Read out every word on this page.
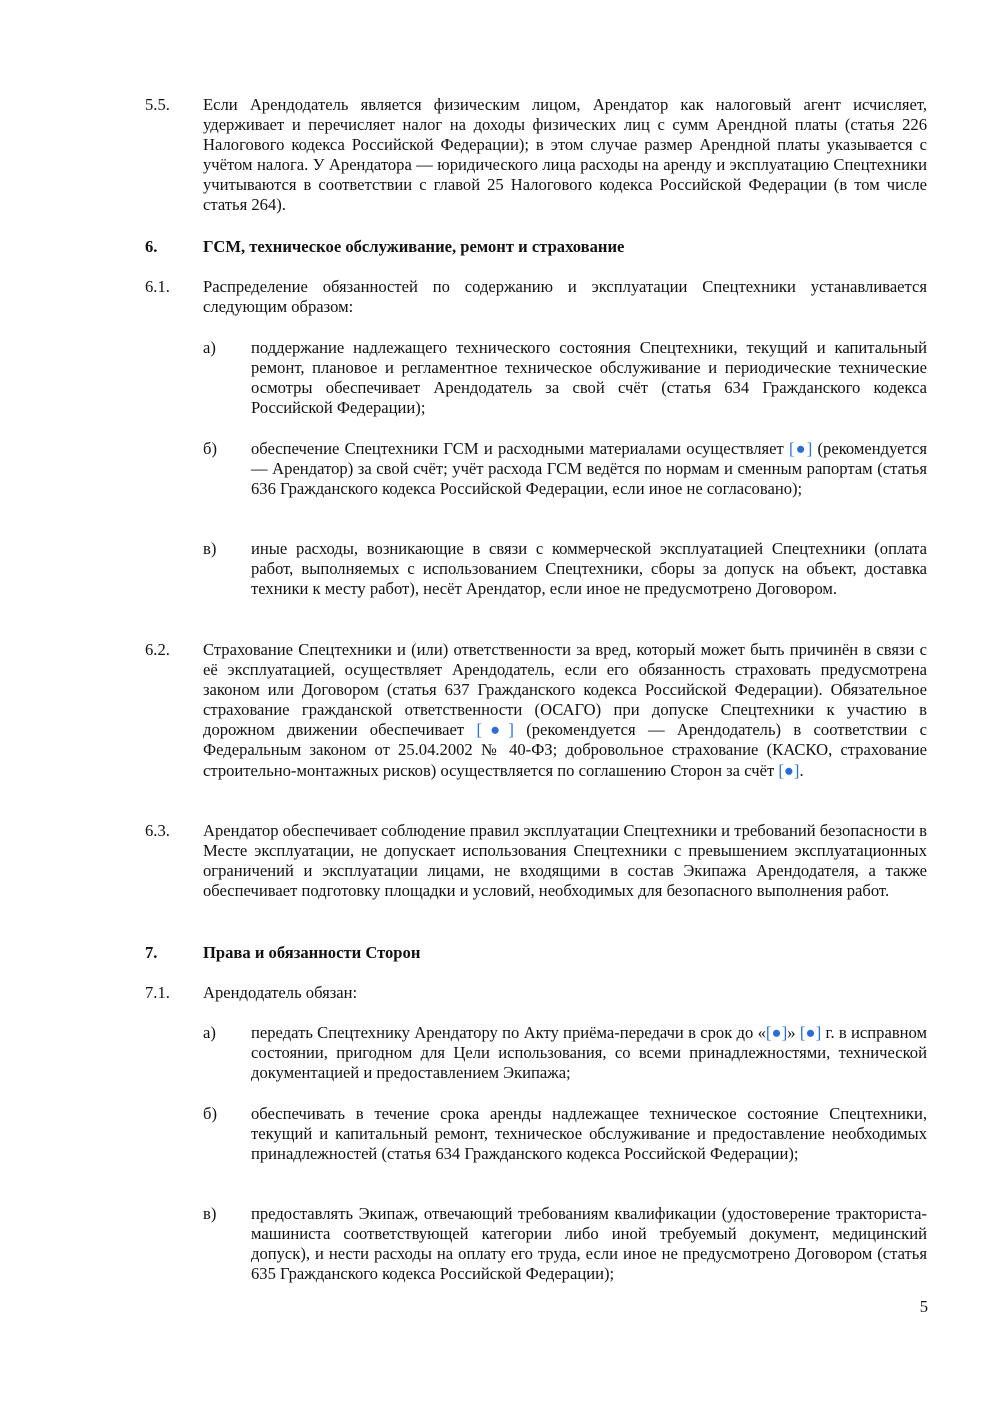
5.5. Если Арендодатель является физическим лицом, Арендатор как налоговый агент исчисляет, удерживает и перечисляет налог на доходы физических лиц с сумм Арендной платы (статья 226 Налогового кодекса Российской Федерации); в этом случае размер Арендной платы указывается с учётом налога. У Арендатора — юридического лица расходы на аренду и эксплуатацию Спецтехники учитываются в соответствии с главой 25 Налогового кодекса Российской Федерации (в том числе статья 264).
6.	ГСМ, техническое обслуживание, ремонт и страхование
6.1. Распределение обязанностей по содержанию и эксплуатации Спецтехники устанавливается следующим образом:
а) поддержание надлежащего технического состояния Спецтехники, текущий и капитальный ремонт, плановое и регламентное техническое обслуживание и периодические технические осмотры обеспечивает Арендодатель за свой счёт (статья 634 Гражданского кодекса Российской Федерации);
б) обеспечение Спецтехники ГСМ и расходными материалами осуществляет [●] (рекомендуется — Арендатор) за свой счёт; учёт расхода ГСМ ведётся по нормам и сменным рапортам (статья 636 Гражданского кодекса Российской Федерации, если иное не согласовано);
в) иные расходы, возникающие в связи с коммерческой эксплуатацией Спецтехники (оплата работ, выполняемых с использованием Спецтехники, сборы за допуск на объект, доставка техники к месту работ), несёт Арендатор, если иное не предусмотрено Договором.
6.2. Страхование Спецтехники и (или) ответственности за вред, который может быть причинён в связи с её эксплуатацией, осуществляет Арендодатель, если его обязанность страховать предусмотрена законом или Договором (статья 637 Гражданского кодекса Российской Федерации). Обязательное страхование гражданской ответственности (ОСАГО) при допуске Спецтехники к участию в дорожном движении обеспечивает [●] (рекомендуется — Арендодатель) в соответствии с Федеральным законом от 25.04.2002 № 40-ФЗ; добровольное страхование (КАСКО, страхование строительно-монтажных рисков) осуществляется по соглашению Сторон за счёт [●].
6.3. Арендатор обеспечивает соблюдение правил эксплуатации Спецтехники и требований безопасности в Месте эксплуатации, не допускает использования Спецтехники с превышением эксплуатационных ограничений и эксплуатации лицами, не входящими в состав Экипажа Арендодателя, а также обеспечивает подготовку площадки и условий, необходимых для безопасного выполнения работ.
7.	Права и обязанности Сторон
7.1. Арендодатель обязан:
а) передать Спецтехнику Арендатору по Акту приёма-передачи в срок до «[●]» [●] г. в исправном состоянии, пригодном для Цели использования, со всеми принадлежностями, технической документацией и предоставлением Экипажа;
б) обеспечивать в течение срока аренды надлежащее техническое состояние Спецтехники, текущий и капитальный ремонт, техническое обслуживание и предоставление необходимых принадлежностей (статья 634 Гражданского кодекса Российской Федерации);
в) предоставлять Экипаж, отвечающий требованиям квалификации (удостоверение тракториста-машиниста соответствующей категории либо иной требуемый документ, медицинский допуск), и нести расходы на оплату его труда, если иное не предусмотрено Договором (статья 635 Гражданского кодекса Российской Федерации);
5
